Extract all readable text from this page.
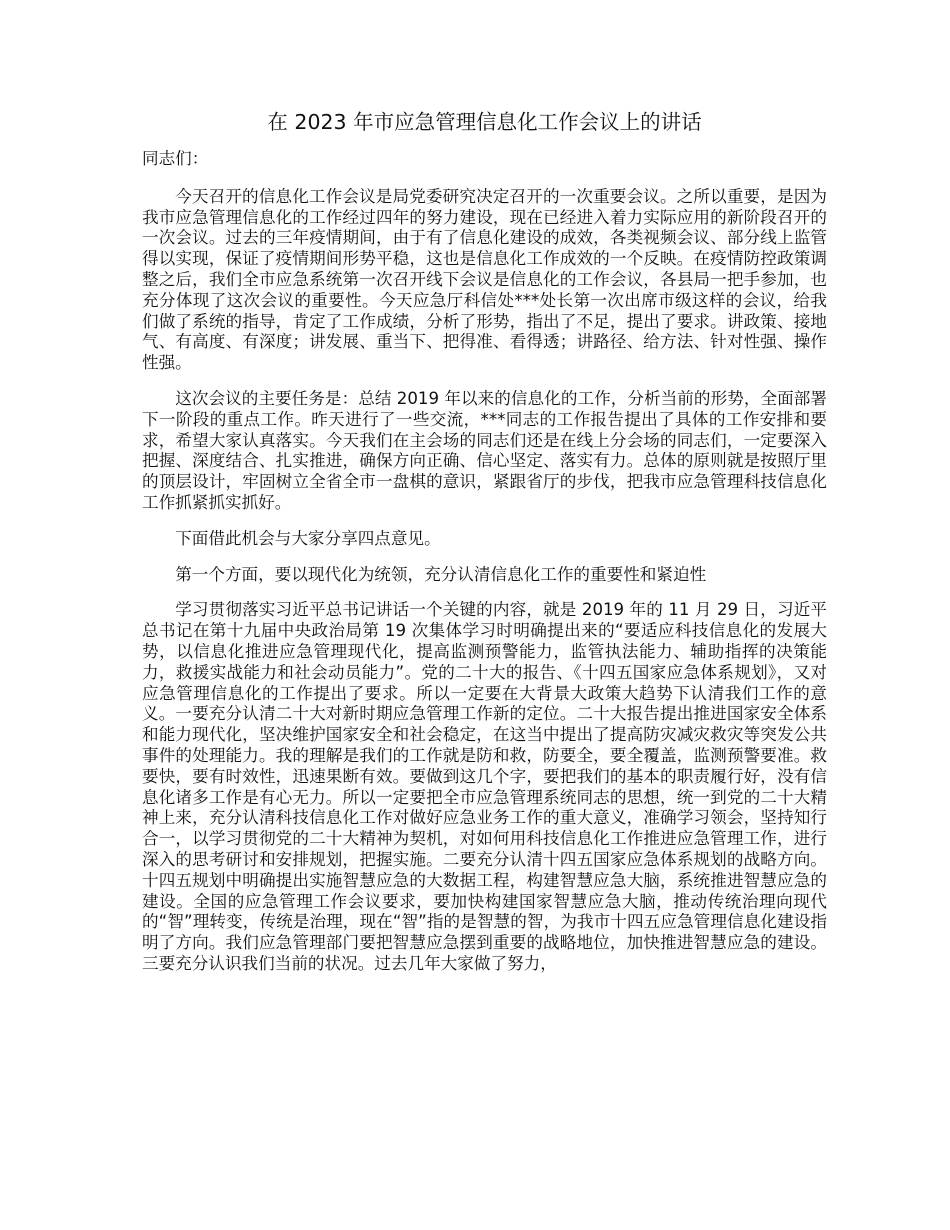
在 2023 年市应急管理信息化工作会议上的讲话

同志们：

今天召开的信息化工作会议是局党委研究决定召开的一次重要会议。之所以重要，是因为我市应急管理信息化的工作经过四年的努力建设，现在已经进入着力实际应用的新阶段召开的一次会议。过去的三年疫情期间，由于有了信息化建设的成效，各类视频会议、部分线上监管得以实现，保证了疫情期间形势平稳，这也是信息化工作成效的一个反映。在疫情防控政策调整之后，我们全市应急系统第一次召开线下会议是信息化的工作会议，各县局一把手参加，也充分体现了这次会议的重要性。今天应急厅科信处***处长第一次出席市级这样的会议，给我们做了系统的指导，肯定了工作成绩，分析了形势，指出了不足，提出了要求。讲政策、接地气、有高度、有深度；讲发展、重当下、把得准、看得透；讲路径、给方法、针对性强、操作性强。

这次会议的主要任务是：总结 2019 年以来的信息化的工作，分析当前的形势，全面部署下一阶段的重点工作。昨天进行了一些交流，***同志的工作报告提出了具体的工作安排和要求，希望大家认真落实。今天我们在主会场的同志们还是在线上分会场的同志们，一定要深入把握、深度结合、扎实推进，确保方向正确、信心坚定、落实有力。总体的原则就是按照厅里的顶层设计，牢固树立全省全市一盘棋的意识，紧跟省厅的步伐，把我市应急管理科技信息化工作抓紧抓实抓好。

下面借此机会与大家分享四点意见。

第一个方面，要以现代化为统领，充分认清信息化工作的重要性和紧迫性

学习贯彻落实习近平总书记讲话一个关键的内容，就是 2019 年的 11 月 29 日，习近平总书记在第十九届中央政治局第 19 次集体学习时明确提出来的“要适应科技信息化的发展大势，以信息化推进应急管理现代化，提高监测预警能力，监管执法能力、辅助指挥的决策能力，救援实战能力和社会动员能力”。党的二十大的报告、《十四五国家应急体系规划》，又对应急管理信息化的工作提出了要求。所以一定要在大背景大政策大趋势下认清我们工作的意义。一要充分认清二十大对新时期应急管理工作新的定位。二十大报告提出推进国家安全体系和能力现代化，坚决维护国家安全和社会稳定，在这当中提出了提高防灾减灾救灾等突发公共事件的处理能力。我的理解是我们的工作就是防和救，防要全，要全覆盖，监测预警要准。救要快，要有时效性，迅速果断有效。要做到这几个字，要把我们的基本的职责履行好，没有信息化诸多工作是有心无力。所以一定要把全市应急管理系统同志的思想，统一到党的二十大精神上来，充分认清科技信息化工作对做好应急业务工作的重大意义，准确学习领会，坚持知行合一，以学习贯彻党的二十大精神为契机，对如何用科技信息化工作推进应急管理工作，进行深入的思考研讨和安排规划，把握实施。二要充分认清十四五国家应急体系规划的战略方向。十四五规划中明确提出实施智慧应急的大数据工程，构建智慧应急大脑，系统推进智慧应急的建设。全国的应急管理工作会议要求，要加快构建国家智慧应急大脑，推动传统治理向现代的“智”理转变，传统是治理，现在“智”指的是智慧的智，为我市十四五应急管理信息化建设指明了方向。我们应急管理部门要把智慧应急摆到重要的战略地位，加快推进智慧应急的建设。三要充分认识我们当前的状况。过去几年大家做了努力，
